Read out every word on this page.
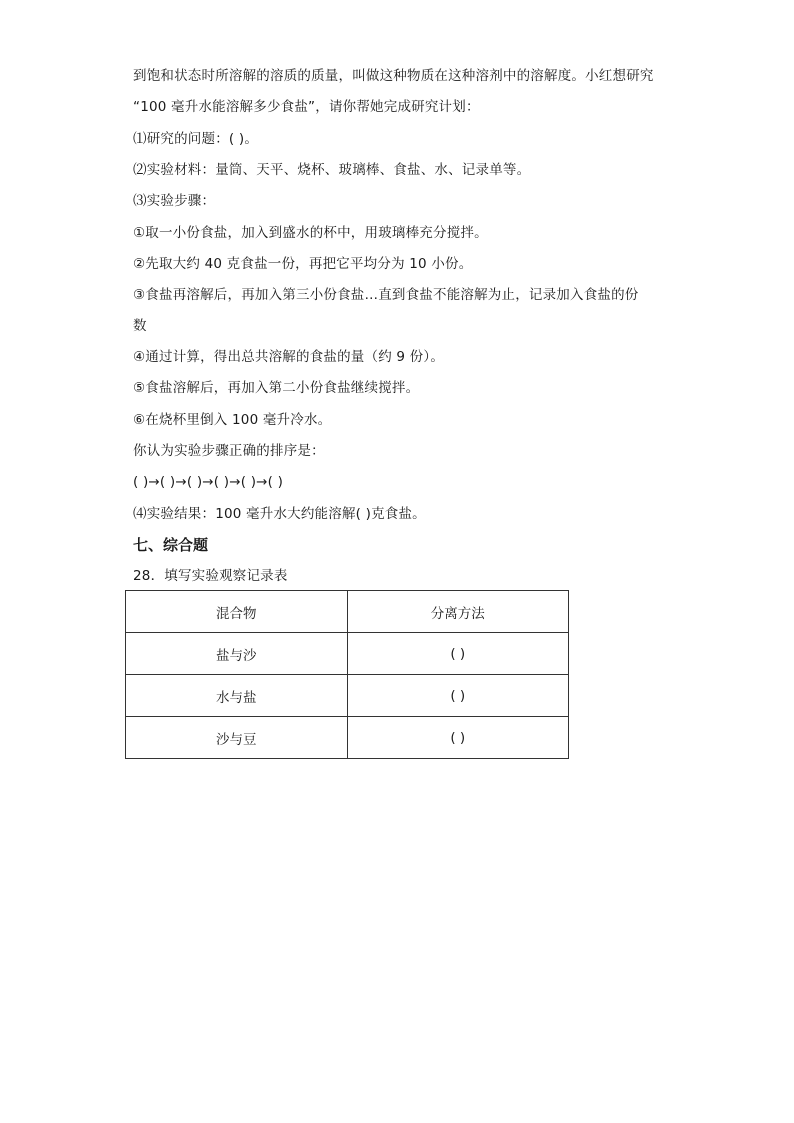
到饱和状态时所溶解的溶质的质量，叫做这种物质在这种溶剂中的溶解度。小红想研究
“100 毫升水能溶解多少食盐”，请你帮她完成研究计划：
⑴研究的问题：( )。
⑵实验材料：量筒、天平、烧杯、玻璃棒、食盐、水、记录单等。
⑶实验步骤：
①取一小份食盐，加入到盛水的杯中，用玻璃棒充分搅拌。
②先取大约 40 克食盐一份，再把它平均分为 10 小份。
③食盐再溶解后，再加入第三小份食盐…直到食盐不能溶解为止，记录加入食盐的份
数
④通过计算，得出总共溶解的食盐的量（约 9 份）。
⑤食盐溶解后，再加入第二小份食盐继续搅拌。
⑥在烧杯里倒入 100 毫升冷水。
你认为实验步骤正确的排序是：
( )→( )→( )→( )→( )→( )
⑷实验结果：100 毫升水大约能溶解( )克食盐。
七、综合题
28．填写实验观察记录表
混合物	分离方法
盐与沙	( )
水与盐	( )
沙与豆	( )
